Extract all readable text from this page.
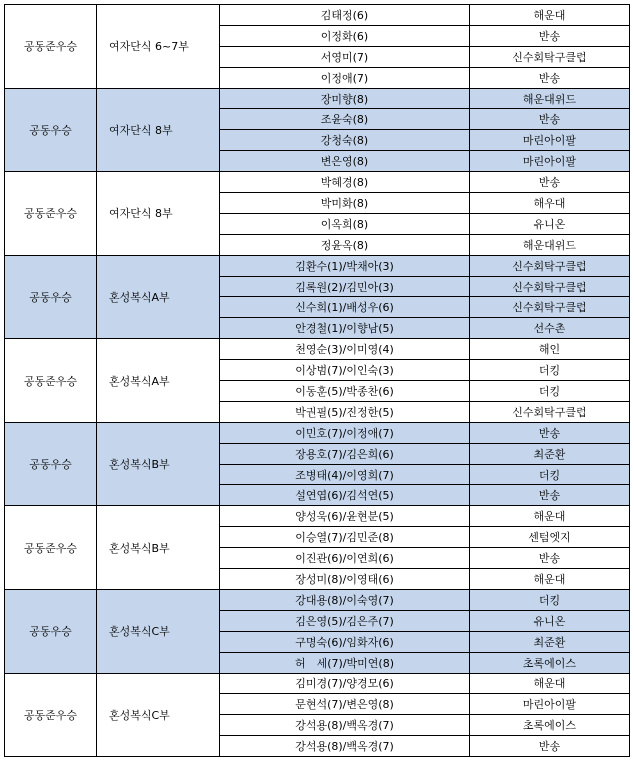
공동준우승	여자단식 6~7부	김태정(6)	해운대
		이정화(6)	반송
		서영미(7)	신수회탁구클럽
		이정애(7)	반송
공동우승	여자단식 8부	장미향(8)	해운대위드
		조윤숙(8)	반송
		강청숙(8)	마린아이팔
		변은영(8)	마린아이팔
공동준우승	여자단식 8부	박혜경(8)	반송
		박미화(8)	해우대
		이옥희(8)	유니온
		정윤옥(8)	해운대위드
공동우승	혼성복식A부	김환수(1)/박채아(3)	신수회탁구클럽
		김록원(2)/김민아(3)	신수회탁구클럽
		신수희(1)/배성우(6)	신수회탁구클럽
		안경철(1)/이향남(5)	선수촌
공동준우승	혼성복식A부	천영순(3)/이미영(4)	해인
		이상범(7)/이인숙(3)	더킹
		이동훈(5)/박종찬(6)	더킹
		박권필(5)/진정한(5)	신수회탁구클럽
공동우승	혼성복식B부	이민호(7)/이정애(7)	반송
		장용호(7)/김은희(6)	최준환
		조병태(4)/이영희(7)	더킹
		설연엽(6)/김석연(5)	반송
공동준우승	혼성복식B부	양성욱(6)/윤현분(5)	해운대
		이승열(7)/김민준(8)	센텀엣지
		이진관(6)/이연희(6)	반송
		장성미(8)/이영태(6)	해운대
공동우승	혼성복식C부	강대용(8)/이숙영(7)	더킹
		김은영(5)/김은주(7)	유니온
		구명숙(6)/임화자(6)	최준환
		허　세(7)/박미연(8)	초록에이스
공동준우승	혼성복식C부	김미경(7)/양경모(6)	해운대
		문현석(7)/변은영(8)	마린아이팔
		강석용(8)/백옥경(7)	초록에이스
		강석용(8)/백옥경(7)	반송
